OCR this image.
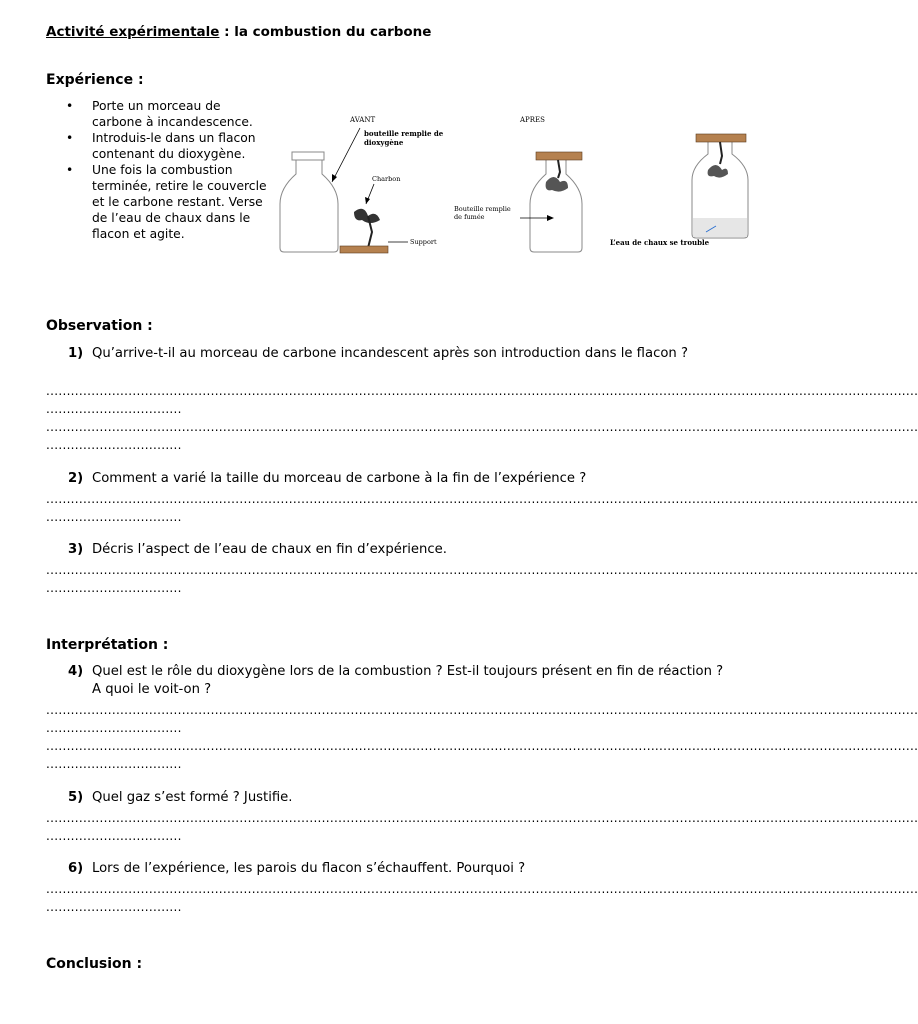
Activité expérimentale : la combustion du carbone
Expérience :
• Porte un morceau de carbone à incandescence.
• Introduis-le dans un flacon contenant du dioxygène.
• Une fois la combustion terminée, retire le couvercle et le carbone restant. Verse de l’eau de chaux dans le flacon et agite.
AVANT
bouteille remplie de
dioxygène
Charbon
Support
APRES
Bouteille remplie
de fumée
L’eau de chaux se trouble
Observation :
1) Qu’arrive-t-il au morceau de carbone incandescent après son introduction dans le flacon ?
....................................................................................................................................................................................................................
.................................
....................................................................................................................................................................................................................
.................................
2) Comment a varié la taille du morceau de carbone à la fin de l’expérience ?
....................................................................................................................................................................................................................
.................................
3) Décris l’aspect de l’eau de chaux en fin d’expérience.
....................................................................................................................................................................................................................
.................................
Interprétation :
4) Quel est le rôle du dioxygène lors de la combustion ? Est-il toujours présent en fin de réaction ? A quoi le voit-on ?
....................................................................................................................................................................................................................
.................................
....................................................................................................................................................................................................................
.................................
5) Quel gaz s’est formé ? Justifie.
....................................................................................................................................................................................................................
.................................
6) Lors de l’expérience, les parois du flacon s’échauffent. Pourquoi ?
....................................................................................................................................................................................................................
.................................
Conclusion :
